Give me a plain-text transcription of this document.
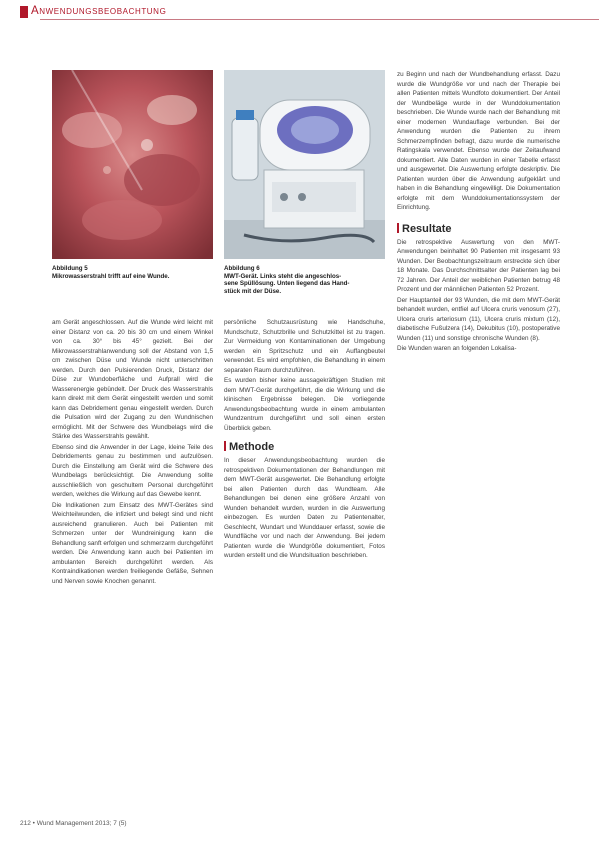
Anwendungsbeobachtung
Abbildung 5
Mikrowasserstrahl trifft auf eine Wunde.
Abbildung 6
MWT-Gerät. Links steht die angeschlos-
sene Spüllösung. Unten liegend das Hand-
stück mit der Düse.

am Gerät angeschlossen. Auf die Wunde wird leicht mit einer Distanz von ca. 20 bis 30 cm und einem Winkel von ca. 30° bis 45° gezielt. Bei der Mikrowasserstrahlanwendung soll der Abstand von 1,5 cm zwischen Düse und Wunde nicht unterschritten werden. Durch den Pulsierenden Druck, Distanz der Düse zur Wundoberfläche und Aufprall wird die Wasserenergie gebündelt. Der Druck des Wasserstrahls kann direkt mit dem Gerät eingestellt werden und somit kann das Debridement genau eingestellt werden. Durch die Pulsation wird der Zugang zu den Wundnischen ermöglicht. Mit der Schwere des Wundbelags wird die Stärke des Wasserstrahls gewählt.

Ebenso sind die Anwender in der Lage, kleine Teile des Debridements genau zu bestimmen und aufzulösen. Durch die Einstellung am Gerät wird die Schwere des Wundbelags berücksichtigt. Die Anwendung sollte ausschließlich von geschultem Personal durchgeführt werden, welches die Wirkung auf das Gewebe kennt.

Die Indikationen zum Einsatz des MWT-Gerätes sind Weichteilwunden, die infiziert und belegt sind und nicht ausreichend granulieren. Auch bei Patienten mit Schmerzen unter der Wundreinigung kann die Behandlung sanft erfolgen und schmerzarm durchgeführt werden. Die Anwendung kann auch bei Patienten im ambulanten Bereich durchgeführt werden. Als Kontraindikationen werden freiliegende Gefäße, Sehnen und Nerven sowie Knochen genannt.

persönliche Schutzausrüstung wie Handschuhe, Mundschutz, Schutzbrille und Schutzkittel ist zu tragen. Zur Vermeidung von Kontaminationen der Umgebung werden ein Spritzschutz und ein Auffangbeutel verwendet. Es wird empfohlen, die Behandlung in einem separaten Raum durchzuführen.

Es wurden bisher keine aussagekräftigen Studien mit dem MWT-Gerät durchgeführt, die die Wirkung und die klinischen Ergebnisse belegen. Die vorliegende Anwendungsbeobachtung wurde in einem ambulanten Wundzentrum durchgeführt und soll einen ersten Überblick geben.

Methode

In dieser Anwendungsbeobachtung wurden die retrospektiven Dokumentationen der Behandlungen mit dem MWT-Gerät ausgewertet. Die Behandlung erfolgte bei allen Patienten durch das Wundteam. Alle Behandlungen bei denen eine größere Anzahl von Wunden behandelt wurden, wurden in die Auswertung einbezogen. Es wurden Daten zu Patientenalter, Geschlecht, Wundart und Wunddauer erfasst, sowie die Wundfläche vor und nach der Anwendung. Bei jedem Patienten wurde die Wundgröße dokumentiert, Fotos wurden erstellt und die Wundsituation beschrieben.

zu Beginn und nach der Wundbehandlung erfasst. Dazu wurde die Wundgröße vor und nach der Therapie bei allen Patienten mittels Wundfoto dokumentiert. Der Anteil der Wundbeläge wurde in der Wunddokumentation beschrieben. Die Wunde wurde nach der Behandlung mit einer modernen Wundauflage verbunden. Bei der Anwendung wurden die Patienten zu ihrem Schmerzempfinden befragt, dazu wurde die numerische Ratingskala verwendet. Ebenso wurde der Zeitaufwand dokumentiert. Alle Daten wurden in einer Tabelle erfasst und ausgewertet. Die Auswertung erfolgte deskriptiv. Die Patienten wurden über die Anwendung aufgeklärt und haben in die Behandlung eingewilligt. Die Dokumentation erfolgte mit dem Wunddokumentationssystem der Einrichtung.

Resultate

Die retrospektive Auswertung von den MWT-Anwendungen beinhaltet 90 Patienten mit insgesamt 93 Wunden. Der Beobachtungszeitraum erstreckte sich über 18 Monate. Das Durchschnittsalter der Patienten lag bei 72 Jahren. Der Anteil der weiblichen Patienten betrug 48 Prozent und der männlichen Patienten 52 Prozent.

Der Hauptanteil der 93 Wunden, die mit dem MWT-Gerät behandelt wurden, entfiel auf Ulcera cruris venosum (27), Ulcera cruris arteriosum (11), Ulcera cruris mixtum (12), diabetische Fußulzera (14), Dekubitus (10), postoperative Wunden (11) und sonstige chronische Wunden (8).

Die Wunden waren an folgenden Lokalisa-

212 • Wund Management 2013; 7 (5)
